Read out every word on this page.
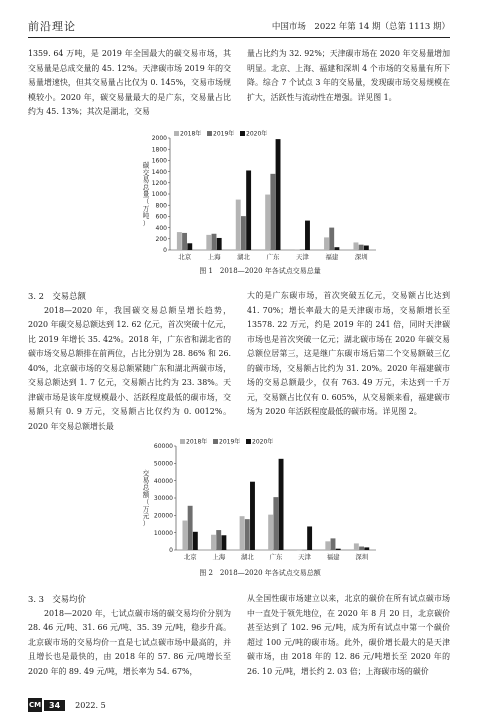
前沿理论	中国市场　2022 年第 14 期（总第 1113 期）

1359. 64 万吨，是 2019 年全国最大的碳交易市场，其交易量是总成交量的 45. 12%。天津碳市场 2019 年的交易量增速快，但其交易量占比仅为 0. 145%，交易市场规模较小。2020 年，碳交易量最大的是广东，交易量占比约为 45. 13%；其次是湖北，交易

量占比约为 32. 92%；天津碳市场在 2020 年交易量增加明显。北京、上海、福建和深圳 4 个市场的交易量有所下降。综合 7 个试点 3 年的交易量，发现碳市场交易规模在扩大，活跃性与流动性在增强。详见图 1。

0
200
400
600
800
1000
1200
1400
1600
1800
2000
碳
交
易
总
量
（
万
吨
）
2018年 2019年 2020年
北京	上海	湖北	广东	天津	福建	深圳
图 1　2018—2020 年各试点交易总量

3. 2　交易总额

2018—2020 年，我国碳交易总额呈增长趋势，2020 年碳交易总额达到 12. 62 亿元，首次突破十亿元，比 2019 年增长 35. 42%。2018 年，广东省和湖北省的碳市场交易总额排在前两位，占比分别为 28. 86% 和 26. 40%，北京碳市场的交易总额紧随广东和湖北两碳市场，交易总额达到 1. 7 亿元，交易额占比约为 23. 38%。天津碳市场是该年度规模最小、活跃程度最低的碳市场，交易额只有 0. 9 万元，交易额占比仅约为 0. 0012%。2020 年交易总额增长最

大的是广东碳市场，首次突破五亿元，交易额占比达到 41. 70%；增长率最大的是天津碳市场，交易额增长至 13578. 22 万元，约是 2019 年的 241 倍，同时天津碳市场也是首次突破一亿元；湖北碳市场在 2020 年碳交易总额位居第三，这是继广东碳市场后第二个交易额破三亿的碳市场，交易额占比约为 31. 20%。2020 年福建碳市场的交易总额最少，仅有 763. 49 万元，未达到一千万元，交易额占比仅有 0. 605%，从交易额来看，福建碳市场为 2020 年活跃程度最低的碳市场。详见图 2。

0
10000
20000
30000
40000
50000
60000
交
易
总
额
（
万
元
）
2018年 2019年 2020年
北京 上海 湖北 广东 天津 福建 深圳
图 2　2018—2020 年各试点交易总额

3. 3　交易均价

2018—2020 年，七试点碳市场的碳交易均价分别为 28. 46 元/吨、31. 66 元/吨、35. 39 元/吨，稳步升高。北京碳市场的交易均价一直是七试点碳市场中最高的，并且增长也是最快的，由 2018 年的 57. 86 元/吨增长至 2020 年的 89. 49 元/吨，增长率为 54. 67%，

从全国性碳市场建立以来，北京的碳价在所有试点碳市场中一直处于领先地位，在 2020 年 8 月 20 日，北京碳价甚至达到了 102. 96 元/吨，成为所有试点中第一个碳价超过 100 元/吨的碳市场。此外，碳价增长最大的是天津碳市场，由 2018 年的 12. 86 元/吨增长至 2020 年的 26. 10 元/吨，增长约 2. 03 倍；上海碳市场的碳价

CM 34	2022. 5
